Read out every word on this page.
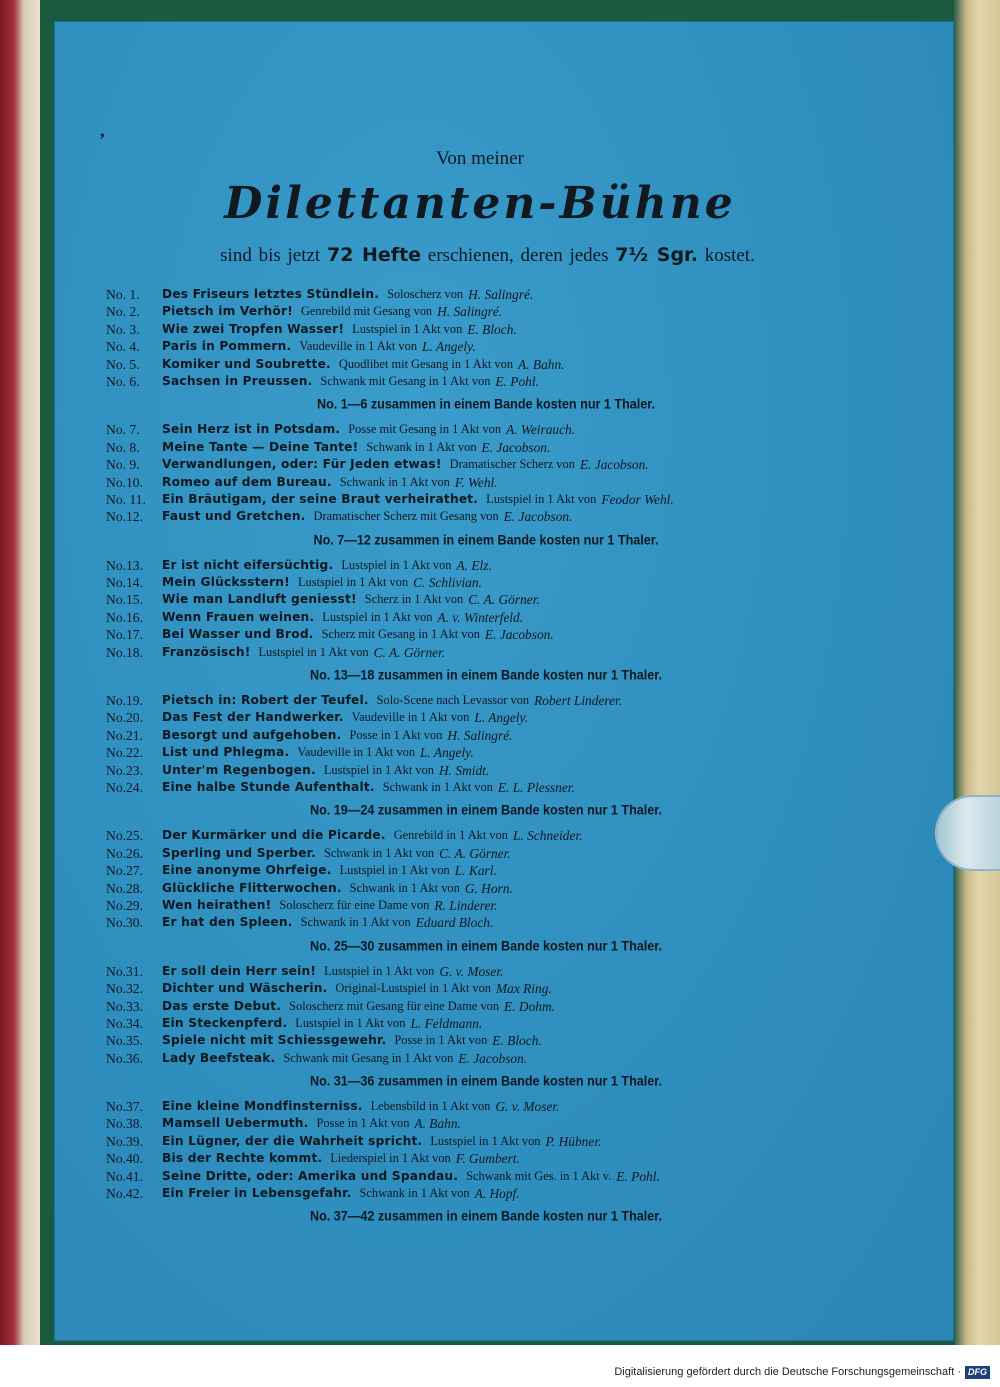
,
Von meiner
Dilettanten-Bühne
sind bis jetzt 72 Hefte erschienen, deren jedes 7½ Sgr. kostet.
No. 1.	Des Friseurs letztes Stündlein. Soloscherz von H. Salingré.
No. 2.	Pietsch im Verhör! Genrebild mit Gesang von H. Salingré.
No. 3.	Wie zwei Tropfen Wasser! Lustspiel in 1 Akt von E. Bloch.
No. 4.	Paris in Pommern. Vaudeville in 1 Akt von L. Angely.
No. 5.	Komiker und Soubrette. Quodlibet mit Gesang in 1 Akt von A. Bahn.
No. 6.	Sachsen in Preussen. Schwank mit Gesang in 1 Akt von E. Pohl.
No. 1—6 zusammen in einem Bande kosten nur 1 Thaler.
No. 7.	Sein Herz ist in Potsdam. Posse mit Gesang in 1 Akt von A. Weirauch.
No. 8.	Meine Tante — Deine Tante! Schwank in 1 Akt von E. Jacobson.
No. 9.	Verwandlungen, oder: Für Jeden etwas! Dramatischer Scherz von E. Jacobson.
No.10.	Romeo auf dem Bureau. Schwank in 1 Akt von F. Wehl.
No. 11.	Ein Bräutigam, der seine Braut verheirathet. Lustspiel in 1 Akt von Feodor Wehl.
No.12.	Faust und Gretchen. Dramatischer Scherz mit Gesang von E. Jacobson.
No. 7—12 zusammen in einem Bande kosten nur 1 Thaler.
No.13.	Er ist nicht eifersüchtig. Lustspiel in 1 Akt von A. Elz.
No.14.	Mein Glücksstern! Lustspiel in 1 Akt von C. Schlivian.
No.15.	Wie man Landluft geniesst! Scherz in 1 Akt von C. A. Görner.
No.16.	Wenn Frauen weinen. Lustspiel in 1 Akt von A. v. Winterfeld.
No.17.	Bei Wasser und Brod. Scherz mit Gesang in 1 Akt von E. Jacobson.
No.18.	Französisch! Lustspiel in 1 Akt von C. A. Görner.
No. 13—18 zusammen in einem Bande kosten nur 1 Thaler.
No.19.	Pietsch in: Robert der Teufel. Solo-Scene nach Levassor von Robert Linderer.
No.20.	Das Fest der Handwerker. Vaudeville in 1 Akt von L. Angely.
No.21.	Besorgt und aufgehoben. Posse in 1 Akt von H. Salingré.
No.22.	List und Phlegma. Vaudeville in 1 Akt von L. Angely.
No.23.	Unter'm Regenbogen. Lustspiel in 1 Akt von H. Smidt.
No.24.	Eine halbe Stunde Aufenthalt. Schwank in 1 Akt von E. L. Plessner.
No. 19—24 zusammen in einem Bande kosten nur 1 Thaler.
No.25.	Der Kurmärker und die Picarde. Genrebild in 1 Akt von L. Schneider.
No.26.	Sperling und Sperber. Schwank in 1 Akt von C. A. Görner.
No.27.	Eine anonyme Ohrfeige. Lustspiel in 1 Akt von L. Karl.
No.28.	Glückliche Flitterwochen. Schwank in 1 Akt von G. Horn.
No.29.	Wen heirathen! Soloscherz für eine Dame von R. Linderer.
No.30.	Er hat den Spleen. Schwank in 1 Akt von Eduard Bloch.
No. 25—30 zusammen in einem Bande kosten nur 1 Thaler.
No.31.	Er soll dein Herr sein! Lustspiel in 1 Akt von G. v. Moser.
No.32.	Dichter und Wäscherin. Original-Lustspiel in 1 Akt von Max Ring.
No.33.	Das erste Debut. Soloscherz mit Gesang für eine Dame von E. Dohm.
No.34.	Ein Steckenpferd. Lustspiel in 1 Akt von L. Feldmann.
No.35.	Spiele nicht mit Schiessgewehr. Posse in 1 Akt von E. Bloch.
No.36.	Lady Beefsteak. Schwank mit Gesang in 1 Akt von E. Jacobson.
No. 31—36 zusammen in einem Bande kosten nur 1 Thaler.
No.37.	Eine kleine Mondfinsterniss. Lebensbild in 1 Akt von G. v. Moser.
No.38.	Mamsell Uebermuth. Posse in 1 Akt von A. Bahn.
No.39.	Ein Lügner, der die Wahrheit spricht. Lustspiel in 1 Akt von P. Hübner.
No.40.	Bis der Rechte kommt. Liederspiel in 1 Akt von F. Gumbert.
No.41.	Seine Dritte, oder: Amerika und Spandau. Schwank mit Ges. in 1 Akt v. E. Pohl.
No.42.	Ein Freier in Lebensgefahr. Schwank in 1 Akt von A. Hopf.
No. 37—42 zusammen in einem Bande kosten nur 1 Thaler.
Digitalisierung gefördert durch die Deutsche Forschungsgemeinschaft · DFG
